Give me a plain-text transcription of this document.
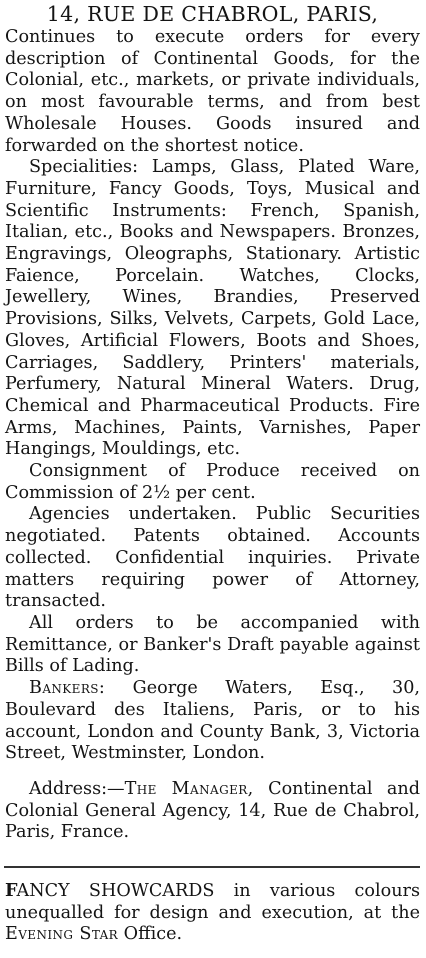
14, RUE DE CHABROL, PARIS,

Continues to execute orders for every description of Continental Goods, for the Colonial, etc., markets, or private individuals, on most favourable terms, and from best Wholesale Houses. Goods insured and forwarded on the shortest notice.

Specialities: Lamps, Glass, Plated Ware, Furniture, Fancy Goods, Toys, Musical and Scientific Instruments: French, Spanish, Italian, etc., Books and Newspapers. Bronzes, Engravings, Oleographs, Stationary. Artistic Faience, Porcelain. Watches, Clocks, Jewellery, Wines, Brandies, Preserved Provisions, Silks, Velvets, Carpets, Gold Lace, Gloves, Artificial Flowers, Boots and Shoes, Carriages, Saddlery, Printers' materials, Perfumery, Natural Mineral Waters. Drug, Chemical and Pharmaceutical Products. Fire Arms, Machines, Paints, Varnishes, Paper Hangings, Mouldings, etc.

Consignment of Produce received on Commission of 2½ per cent.

Agencies undertaken. Public Securities negotiated. Patents obtained. Accounts collected. Confidential inquiries. Private matters requiring power of Attorney, transacted.

All orders to be accompanied with Remittance, or Banker's Draft payable against Bills of Lading.

Bankers: George Waters, Esq., 30, Boulevard des Italiens, Paris, or to his account, London and County Bank, 3, Victoria Street, Westminster, London.

Address:—The Manager, Continental and Colonial General Agency, 14, Rue de Chabrol, Paris, France.

FANCY SHOWCARDS in various colours unequalled for design and execution, at the Evening Star Office.
